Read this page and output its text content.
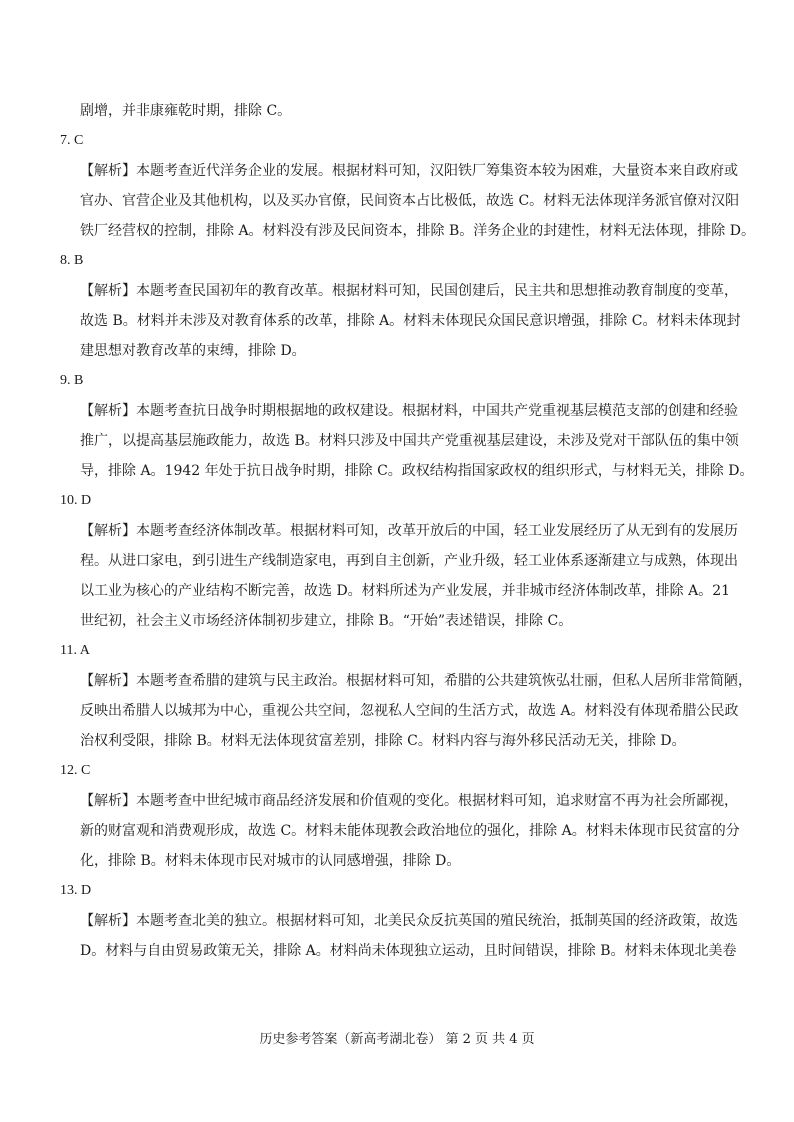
剧增，并非康雍乾时期，排除 C。
7. C
【解析】本题考查近代洋务企业的发展。根据材料可知，汉阳铁厂筹集资本较为困难，大量资本来自政府或
官办、官营企业及其他机构，以及买办官僚，民间资本占比极低，故选 C。材料无法体现洋务派官僚对汉阳
铁厂经营权的控制，排除 A。材料没有涉及民间资本，排除 B。洋务企业的封建性，材料无法体现，排除 D。
8. B
【解析】本题考查民国初年的教育改革。根据材料可知，民国创建后，民主共和思想推动教育制度的变革，
故选 B。材料并未涉及对教育体系的改革，排除 A。材料未体现民众国民意识增强，排除 C。材料未体现封
建思想对教育改革的束缚，排除 D。
9. B
【解析】本题考查抗日战争时期根据地的政权建设。根据材料，中国共产党重视基层模范支部的创建和经验
推广，以提高基层施政能力，故选 B。材料只涉及中国共产党重视基层建设，未涉及党对干部队伍的集中领
导，排除 A。1942 年处于抗日战争时期，排除 C。政权结构指国家政权的组织形式，与材料无关，排除 D。
10. D
【解析】本题考查经济体制改革。根据材料可知，改革开放后的中国，轻工业发展经历了从无到有的发展历
程。从进口家电，到引进生产线制造家电，再到自主创新，产业升级，轻工业体系逐渐建立与成熟，体现出
以工业为核心的产业结构不断完善，故选 D。材料所述为产业发展，并非城市经济体制改革，排除 A。21
世纪初，社会主义市场经济体制初步建立，排除 B。“开始”表述错误，排除 C。
11. A
【解析】本题考查希腊的建筑与民主政治。根据材料可知，希腊的公共建筑恢弘壮丽，但私人居所非常简陋，
反映出希腊人以城邦为中心，重视公共空间，忽视私人空间的生活方式，故选 A。材料没有体现希腊公民政
治权利受限，排除 B。材料无法体现贫富差别，排除 C。材料内容与海外移民活动无关，排除 D。
12. C
【解析】本题考查中世纪城市商品经济发展和价值观的变化。根据材料可知，追求财富不再为社会所鄙视，
新的财富观和消费观形成，故选 C。材料未能体现教会政治地位的强化，排除 A。材料未体现市民贫富的分
化，排除 B。材料未体现市民对城市的认同感增强，排除 D。
13. D
【解析】本题考查北美的独立。根据材料可知，北美民众反抗英国的殖民统治，抵制英国的经济政策，故选
D。材料与自由贸易政策无关，排除 A。材料尚未体现独立运动，且时间错误，排除 B。材料未体现北美卷
历史参考答案（新高考湖北卷） 第 2 页 共 4 页
